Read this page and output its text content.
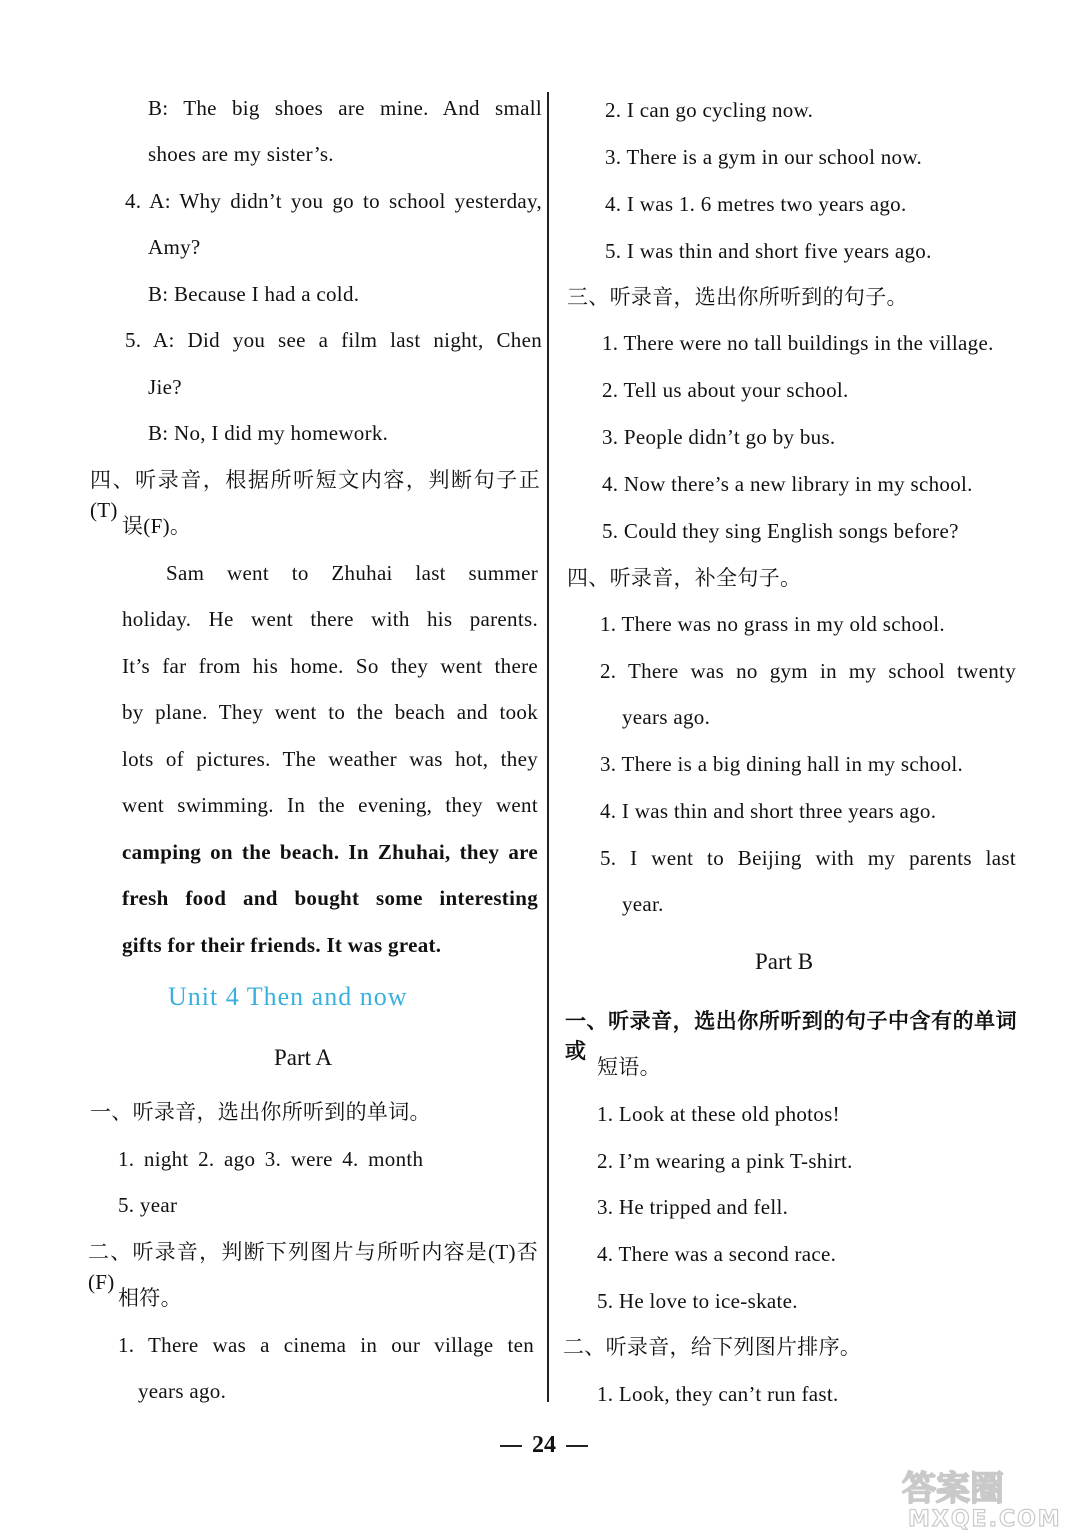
B: The big shoes are mine. And small
shoes are my sister’s.
4. A: Why didn’t you go to school yesterday,
Amy?
B: Because I had a cold.
5. A: Did you see a film last night, Chen
Jie?
B: No, I did my homework.
四、听录音，根据所听短文内容，判断句子正(T)
误(F)。
Sam went to Zhuhai last summer
holiday. He went there with his parents.
It’s far from his home. So they went there
by plane. They went to the beach and took
lots of pictures. The weather was hot, they
went swimming. In the evening, they went
camping on the beach. In Zhuhai, they are
fresh food and bought some interesting
gifts for their friends. It was great.
Unit 4 Then and now
Part A
一、听录音，选出你所听到的单词。
1. night 2. ago 3. were 4. month
5. year
二、听录音，判断下列图片与所听内容是(T)否(F)
相符。
1. There was a cinema in our village ten
years ago.
2. I can go cycling now.
3. There is a gym in our school now.
4. I was 1. 6 metres two years ago.
5. I was thin and short five years ago.
三、听录音，选出你所听到的句子。
1. There were no tall buildings in the village.
2. Tell us about your school.
3. People didn’t go by bus.
4. Now there’s a new library in my school.
5. Could they sing English songs before?
四、听录音，补全句子。
1. There was no grass in my old school.
2. There was no gym in my school twenty
years ago.
3. There is a big dining hall in my school.
4. I was thin and short three years ago.
5. I went to Beijing with my parents last
year.
Part B
一、听录音，选出你所听到的句子中含有的单词或
短语。
1. Look at these old photos!
2. I’m wearing a pink T-shirt.
3. He tripped and fell.
4. There was a second race.
5. He love to ice-skate.
二、听录音，给下列图片排序。
1. Look, they can’t run fast.
24
答案圈
MXQE.COM
